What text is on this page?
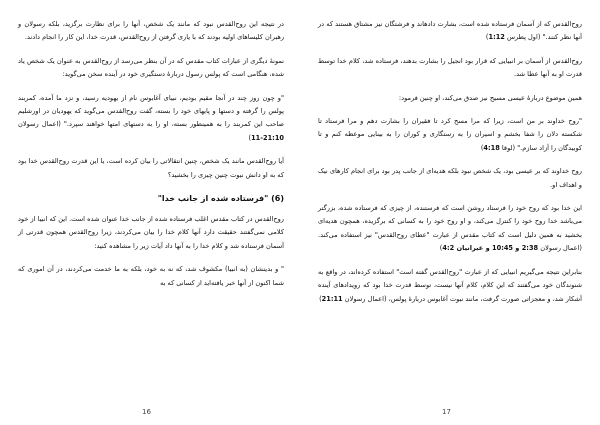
در نتیجه این روح‌القدس نبود که مانند یک شخص، آنها را برای نظارت برگزید، بلکه رسولان و رهبران کلیساهای اولیه بودند که با یاری گرفتن از روح‌القدس، قدرت خدا، این کار را انجام دادند.

نمونهٔ دیگری از عبارات کتاب مقدس که در آن بنظر می‌رسد از روح‌القدس به عنوان یک شخص یاد شده، هنگامی است که پولس رسول دربارهٔ دستگیری خود در آینده سخن می‌گوید:

"و چون روز چند در آنجا مقیم بودیم، نبیای آغابوس نام از یهودیه رسید، و نزد ما آمده، کمربند پولس را گرفته و دستها و پایهای خود را بسته، گفت روح‌القدس می‌گوید که یهودیان در اورشلیم صاحب این کمربند را به همینطور بسته، او را به دستهای امتها خواهند سپرد." (اعمال رسولان 21:10-11)

آیا روح‌القدس مانند یک شخص، چنین انتقالاتی را بیان کرده است، یا این قدرت روح‌القدس خدا بود که به او دانش نبوت چنین چیزی را بخشید؟

(6) "فرستاده شده از جانب خدا"

روح‌القدس در کتاب مقدس اغلب فرستاده شده از جانب خدا عنوان شده است. این که انبیا از خود کلامی نمی‌گفتند حقیقت دارد آنها کلام خدا را بیان می‌کردند، زیرا روح‌القدس همچون قدرتی از آسمان فرستاده شد و کلام خدا را به آنها داد آیات زیر را مشاهده کنید:

" و بدینشان (به انبیا) مکشوف شد، که نه به خود، بلکه به ما خدمت می‌کردند، در آن اموری که شما اکنون از آنها خبر یافته‌اید از کسانی که به

16

روح‌القدس که از آسمان فرستاده شده است، بشارت دادهاند و فرشتگان نیز مشتاق هستند که در آنها نظر کنند." (اول پطرس 1:12)

روح‌القدس از آسمان بر انبیایی که قرار بود انجیل را بشارت بدهند، فرستاده شد، کلام خدا توسط قدرت او به آنها عطا شد.

همین موضوع دربارهٔ عیسی مسیح نیز صدق می‌کند، او چنین فرمود:

"روح خداوند بر من است، زیرا که مرا مسح کرد تا فقیران را بشارت دهم و مرا فرستاد تا شکسته دلان را شفا بخشم و اسیران را به رستگاری و کوران را به بینایی موعظه کنم و تا کوبیدگان را آزاد سازم." (لوقا 4:18)

روح خداوند که بر عیسی بود، یک شخص نبود بلکه هدیه‌ای از جانب پدر بود برای انجام کارهای نیک و اهداف او.

این خدا بود که روح خود را فرستاد روشن است که فرستنده، از چیزی که فرستاده شده، بزرگتر می‌باشد خدا روح خود را کنترل می‌کند، و او روح خود را به کسانی که برگزیده، همچون هدیه‌ای بخشید به همین دلیل است که کتاب مقدس از عبارت "عطای روح‌القدس" نیز استفاده می‌کند. (اعمال رسولان 2:38 و 10:45 و عبرانیان 4:2)

بنابراین نتیجه می‌گیریم انبیایی که از عبارت "روح‌القدس گفته است" استفاده کرده‌اند، در واقع به شنوندگان خود می‌گفتند که این کلام، کلام آنها نیست، توسط قدرت خدا بود که رویدادهای آینده آشکار شد، و معجزاتی صورت گرفت، مانند نبوت آغابوس دربارهٔ پولس، (اعمال رسولان 21:11)

17
